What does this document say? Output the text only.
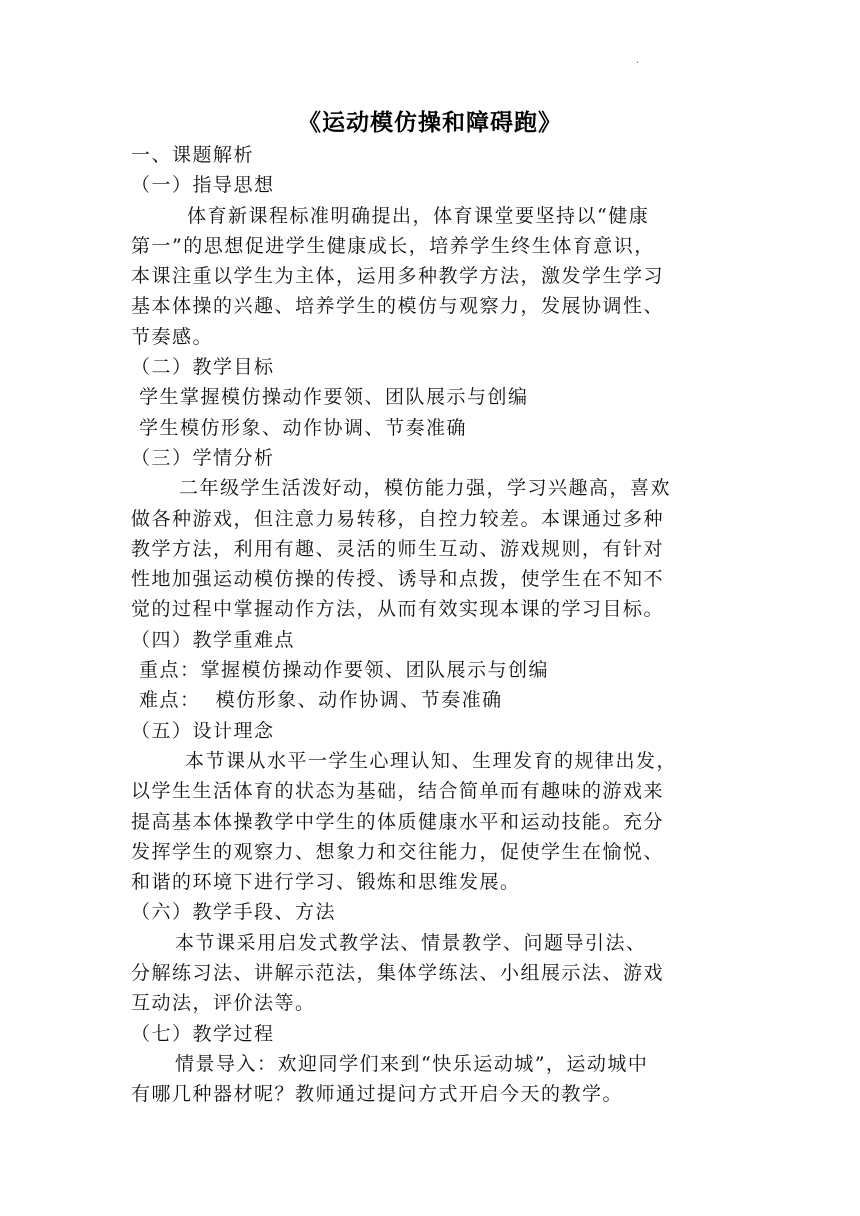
·
《运动模仿操和障碍跑》
一、课题解析
（一）指导思想
体育新课程标准明确提出，体育课堂要坚持以“健康
第一”的思想促进学生健康成长，培养学生终生体育意识，
本课注重以学生为主体，运用多种教学方法，激发学生学习
基本体操的兴趣、培养学生的模仿与观察力，发展协调性、
节奏感。
（二）教学目标
学生掌握模仿操动作要领、团队展示与创编
学生模仿形象、动作协调、节奏准确
（三）学情分析
二年级学生活泼好动，模仿能力强，学习兴趣高，喜欢
做各种游戏，但注意力易转移，自控力较差。本课通过多种
教学方法，利用有趣、灵活的师生互动、游戏规则，有针对
性地加强运动模仿操的传授、诱导和点拨，使学生在不知不
觉的过程中掌握动作方法，从而有效实现本课的学习目标。
（四）教学重难点
重点：掌握模仿操动作要领、团队展示与创编
难点：  模仿形象、动作协调、节奏准确
（五）设计理念
本节课从水平一学生心理认知、生理发育的规律出发，
以学生生活体育的状态为基础，结合简单而有趣味的游戏来
提高基本体操教学中学生的体质健康水平和运动技能。充分
发挥学生的观察力、想象力和交往能力，促使学生在愉悦、
和谐的环境下进行学习、锻炼和思维发展。
（六）教学手段、方法
本节课采用启发式教学法、情景教学、问题导引法、
分解练习法、讲解示范法，集体学练法、小组展示法、游戏
互动法，评价法等。
（七）教学过程
情景导入：欢迎同学们来到“快乐运动城”，运动城中
有哪几种器材呢？教师通过提问方式开启今天的教学。
